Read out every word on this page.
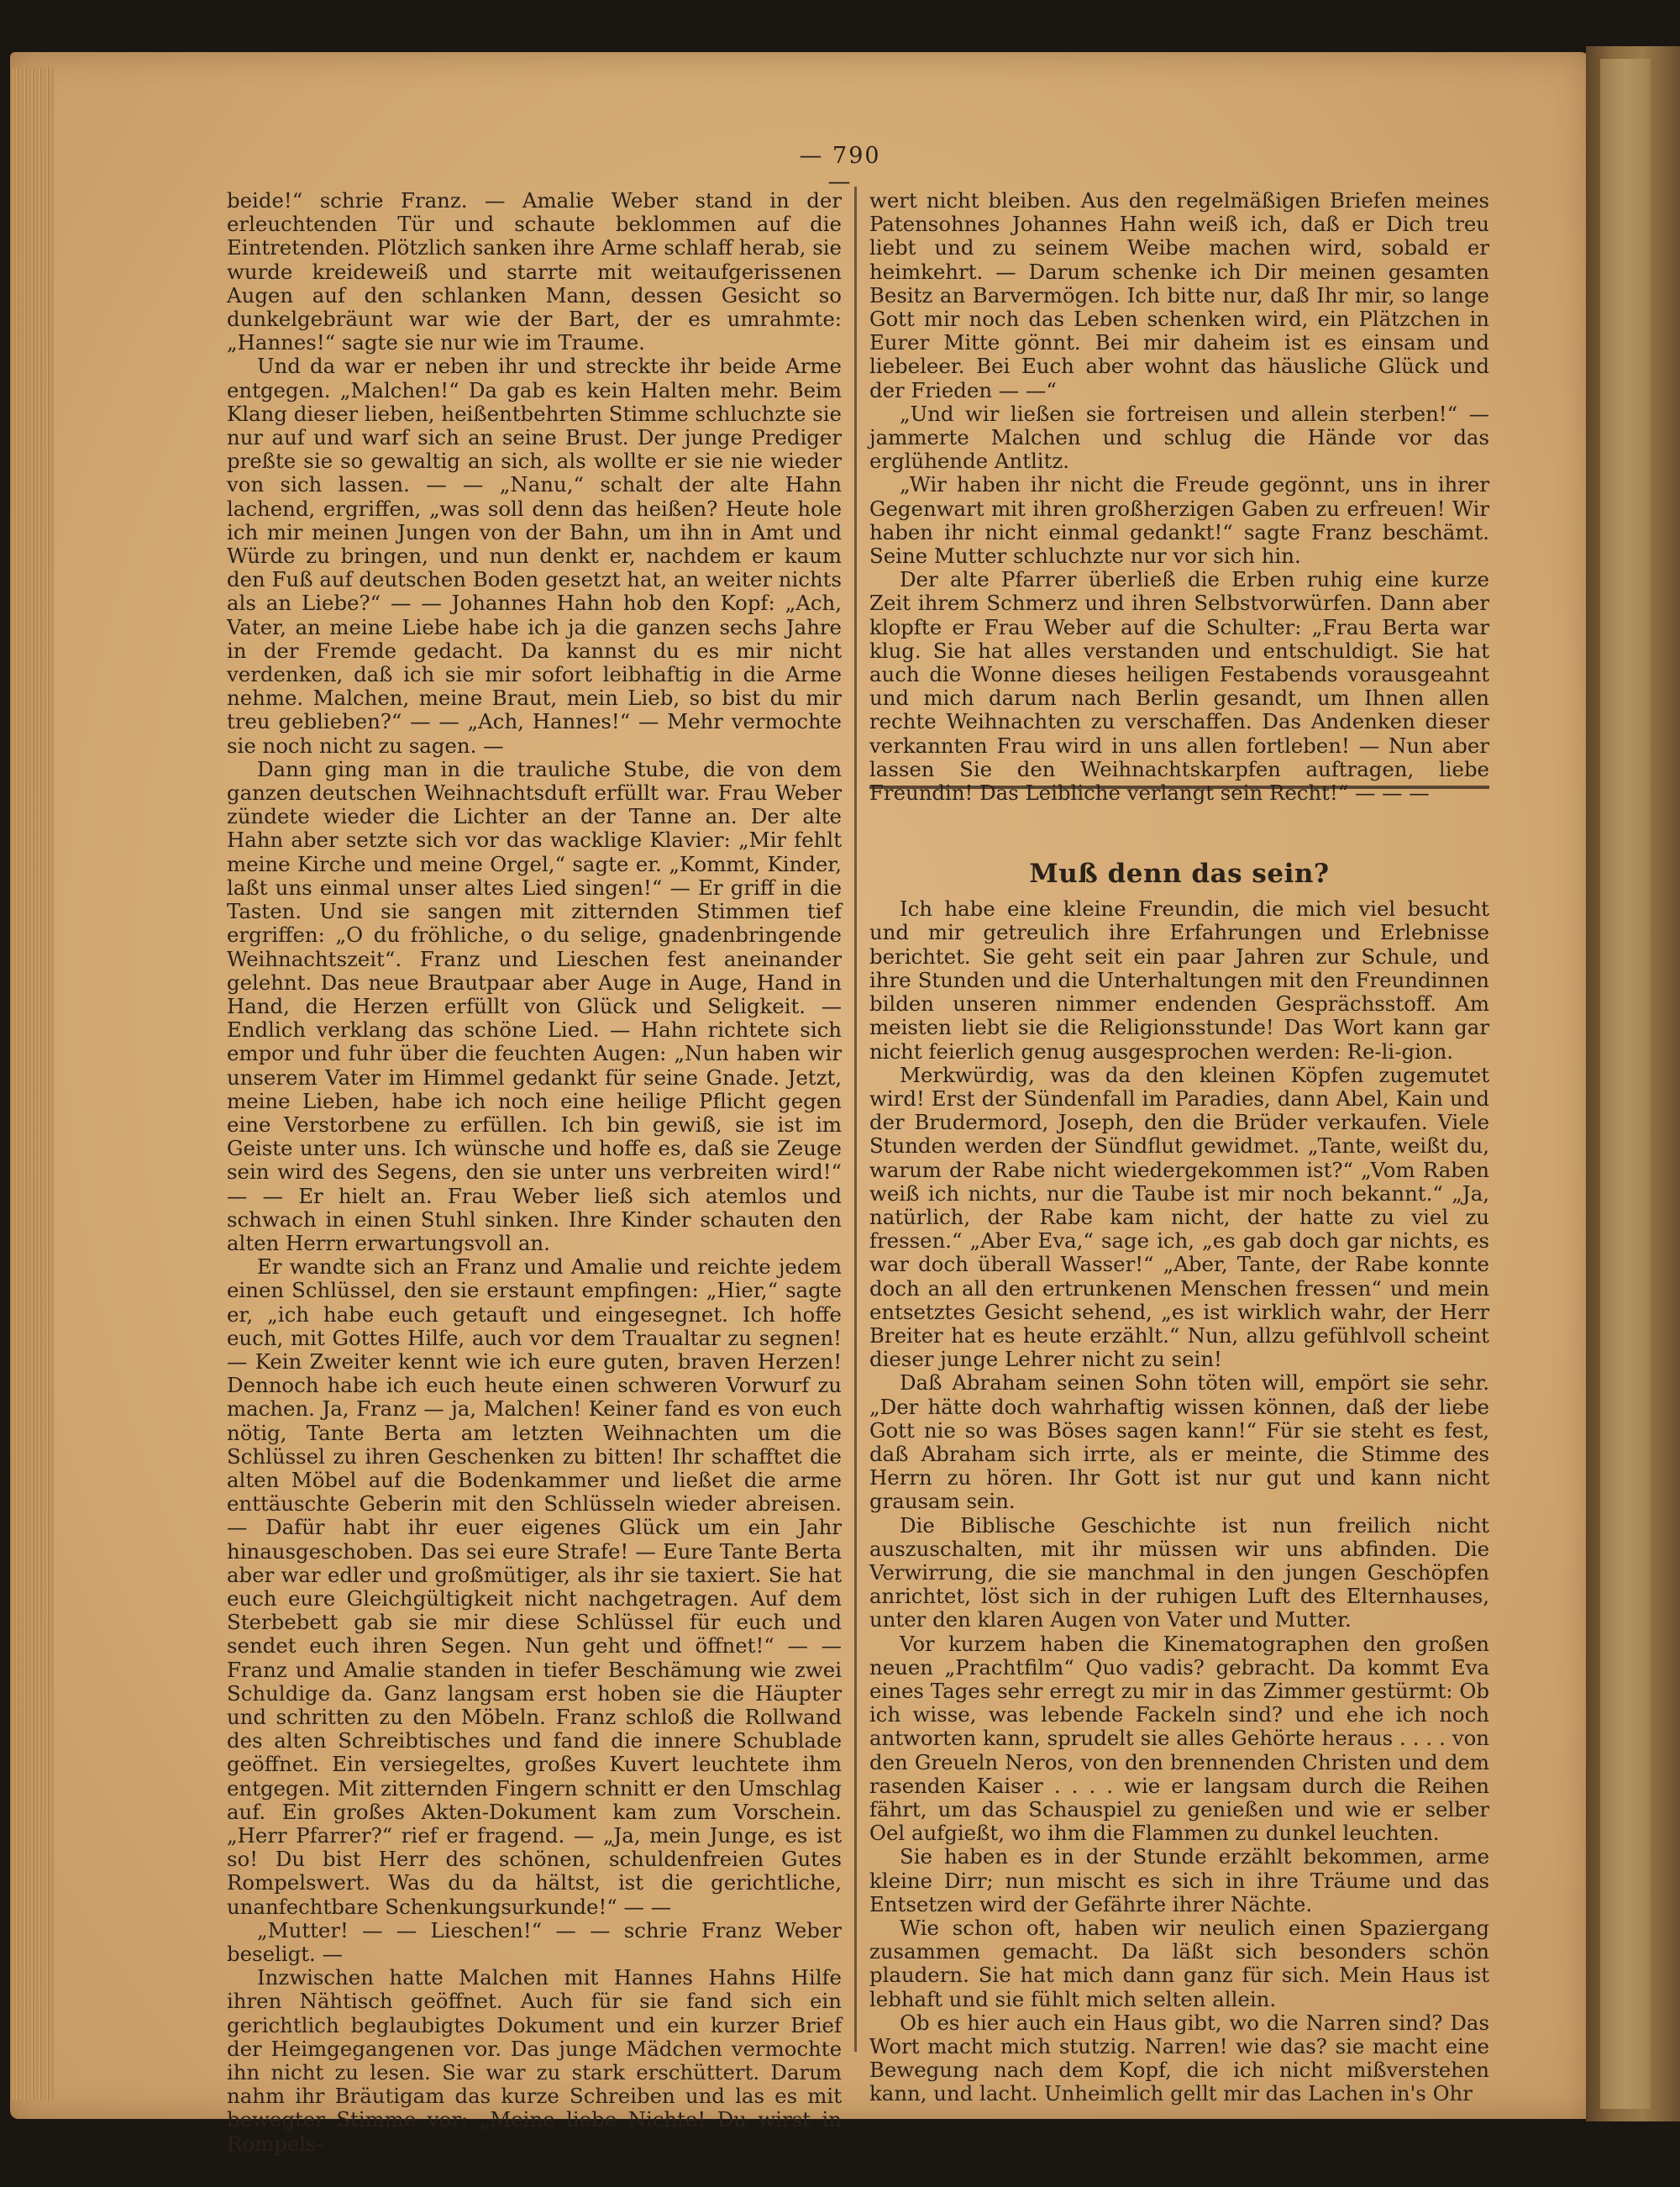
— 790 —

beide!“ schrie Franz. — Amalie Weber stand in der erleuchtenden Tür und schaute beklommen auf die Eintretenden. Plötzlich sanken ihre Arme schlaff herab, sie wurde kreideweiß und starrte mit weitaufgerissenen Augen auf den schlanken Mann, dessen Gesicht so dunkelgebräunt war wie der Bart, der es umrahmte: „Hannes!“ sagte sie nur wie im Traume.

Und da war er neben ihr und streckte ihr beide Arme entgegen. „Malchen!“ Da gab es kein Halten mehr. Beim Klang dieser lieben, heißentbehrten Stimme schluchzte sie nur auf und warf sich an seine Brust. Der junge Prediger preßte sie so gewaltig an sich, als wollte er sie nie wieder von sich lassen. — — „Nanu,“ schalt der alte Hahn lachend, ergriffen, „was soll denn das heißen? Heute hole ich mir meinen Jungen von der Bahn, um ihn in Amt und Würde zu bringen, und nun denkt er, nachdem er kaum den Fuß auf deutschen Boden gesetzt hat, an weiter nichts als an Liebe?“ — — Johannes Hahn hob den Kopf: „Ach, Vater, an meine Liebe habe ich ja die ganzen sechs Jahre in der Fremde gedacht. Da kannst du es mir nicht verdenken, daß ich sie mir sofort leibhaftig in die Arme nehme. Malchen, meine Braut, mein Lieb, so bist du mir treu geblieben?“ — — „Ach, Hannes!“ — Mehr vermochte sie noch nicht zu sagen. —

Dann ging man in die trauliche Stube, die von dem ganzen deutschen Weihnachtsduft erfüllt war. Frau Weber zündete wieder die Lichter an der Tanne an. Der alte Hahn aber setzte sich vor das wacklige Klavier: „Mir fehlt meine Kirche und meine Orgel,“ sagte er. „Kommt, Kinder, laßt uns einmal unser altes Lied singen!“ — Er griff in die Tasten. Und sie sangen mit zitternden Stimmen tief ergriffen: „O du fröhliche, o du selige, gnadenbringende Weihnachtszeit“. Franz und Lieschen fest aneinander gelehnt. Das neue Brautpaar aber Auge in Auge, Hand in Hand, die Herzen erfüllt von Glück und Seligkeit. — Endlich verklang das schöne Lied. — Hahn richtete sich empor und fuhr über die feuchten Augen: „Nun haben wir unserem Vater im Himmel gedankt für seine Gnade. Jetzt, meine Lieben, habe ich noch eine heilige Pflicht gegen eine Verstorbene zu erfüllen. Ich bin gewiß, sie ist im Geiste unter uns. Ich wünsche und hoffe es, daß sie Zeuge sein wird des Segens, den sie unter uns verbreiten wird!“ — — Er hielt an. Frau Weber ließ sich atemlos und schwach in einen Stuhl sinken. Ihre Kinder schauten den alten Herrn erwartungsvoll an.

Er wandte sich an Franz und Amalie und reichte jedem einen Schlüssel, den sie erstaunt empfingen: „Hier,“ sagte er, „ich habe euch getauft und eingesegnet. Ich hoffe euch, mit Gottes Hilfe, auch vor dem Traualtar zu segnen! — Kein Zweiter kennt wie ich eure guten, braven Herzen! Dennoch habe ich euch heute einen schweren Vorwurf zu machen. Ja, Franz — ja, Malchen! Keiner fand es von euch nötig, Tante Berta am letzten Weihnachten um die Schlüssel zu ihren Geschenken zu bitten! Ihr schafftet die alten Möbel auf die Bodenkammer und ließet die arme enttäuschte Geberin mit den Schlüsseln wieder abreisen. — Dafür habt ihr euer eigenes Glück um ein Jahr hinausgeschoben. Das sei eure Strafe! — Eure Tante Berta aber war edler und großmütiger, als ihr sie taxiert. Sie hat euch eure Gleichgültigkeit nicht nachgetragen. Auf dem Sterbebett gab sie mir diese Schlüssel für euch und sendet euch ihren Segen. Nun geht und öffnet!“ — — Franz und Amalie standen in tiefer Beschämung wie zwei Schuldige da. Ganz langsam erst hoben sie die Häupter und schritten zu den Möbeln. Franz schloß die Rollwand des alten Schreibtisches und fand die innere Schublade geöffnet. Ein versiegeltes, großes Kuvert leuchtete ihm entgegen. Mit zitternden Fingern schnitt er den Umschlag auf. Ein großes Akten-Dokument kam zum Vorschein. „Herr Pfarrer?“ rief er fragend. — „Ja, mein Junge, es ist so! Du bist Herr des schönen, schuldenfreien Gutes Rompelswert. Was du da hältst, ist die gerichtliche, unanfechtbare Schenkungsurkunde!“ — —

„Mutter! — — Lieschen!“ — — schrie Franz Weber beseligt. —

Inzwischen hatte Malchen mit Hannes Hahns Hilfe ihren Nähtisch geöffnet. Auch für sie fand sich ein gerichtlich beglaubigtes Dokument und ein kurzer Brief der Heimgegangenen vor. Das junge Mädchen vermochte ihn nicht zu lesen. Sie war zu stark erschüttert. Darum nahm ihr Bräutigam das kurze Schreiben und las es mit bewegter Stimme vor: „Meine liebe Nichte! Du wirst in Rompels-

wert nicht bleiben. Aus den regelmäßigen Briefen meines Patensohnes Johannes Hahn weiß ich, daß er Dich treu liebt und zu seinem Weibe machen wird, sobald er heimkehrt. — Darum schenke ich Dir meinen gesamten Besitz an Barvermögen. Ich bitte nur, daß Ihr mir, so lange Gott mir noch das Leben schenken wird, ein Plätzchen in Eurer Mitte gönnt. Bei mir daheim ist es einsam und liebeleer. Bei Euch aber wohnt das häusliche Glück und der Frieden — —“

„Und wir ließen sie fortreisen und allein sterben!“ — jammerte Malchen und schlug die Hände vor das erglühende Antlitz.

„Wir haben ihr nicht die Freude gegönnt, uns in ihrer Gegenwart mit ihren großherzigen Gaben zu erfreuen! Wir haben ihr nicht einmal gedankt!“ sagte Franz beschämt. Seine Mutter schluchzte nur vor sich hin.

Der alte Pfarrer überließ die Erben ruhig eine kurze Zeit ihrem Schmerz und ihren Selbstvorwürfen. Dann aber klopfte er Frau Weber auf die Schulter: „Frau Berta war klug. Sie hat alles verstanden und entschuldigt. Sie hat auch die Wonne dieses heiligen Festabends vorausgeahnt und mich darum nach Berlin gesandt, um Ihnen allen rechte Weihnachten zu verschaffen. Das Andenken dieser verkannten Frau wird in uns allen fortleben! — Nun aber lassen Sie den Weihnachtskarpfen auftragen, liebe Freundin! Das Leibliche verlangt sein Recht!“ — — —

Muß denn das sein?

Ich habe eine kleine Freundin, die mich viel besucht und mir getreulich ihre Erfahrungen und Erlebnisse berichtet. Sie geht seit ein paar Jahren zur Schule, und ihre Stunden und die Unterhaltungen mit den Freundinnen bilden unseren nimmer endenden Gesprächsstoff. Am meisten liebt sie die Religionsstunde! Das Wort kann gar nicht feierlich genug ausgesprochen werden: Re-li-gion.

Merkwürdig, was da den kleinen Köpfen zugemutet wird! Erst der Sündenfall im Paradies, dann Abel, Kain und der Brudermord, Joseph, den die Brüder verkaufen. Viele Stunden werden der Sündflut gewidmet. „Tante, weißt du, warum der Rabe nicht wiedergekommen ist?“ „Vom Raben weiß ich nichts, nur die Taube ist mir noch bekannt.“ „Ja, natürlich, der Rabe kam nicht, der hatte zu viel zu fressen.“ „Aber Eva,“ sage ich, „es gab doch gar nichts, es war doch überall Wasser!“ „Aber, Tante, der Rabe konnte doch an all den ertrunkenen Menschen fressen“ und mein entsetztes Gesicht sehend, „es ist wirklich wahr, der Herr Breiter hat es heute erzählt.“ Nun, allzu gefühlvoll scheint dieser junge Lehrer nicht zu sein!

Daß Abraham seinen Sohn töten will, empört sie sehr. „Der hätte doch wahrhaftig wissen können, daß der liebe Gott nie so was Böses sagen kann!“ Für sie steht es fest, daß Abraham sich irrte, als er meinte, die Stimme des Herrn zu hören. Ihr Gott ist nur gut und kann nicht grausam sein.

Die Biblische Geschichte ist nun freilich nicht auszuschalten, mit ihr müssen wir uns abfinden. Die Verwirrung, die sie manchmal in den jungen Geschöpfen anrichtet, löst sich in der ruhigen Luft des Elternhauses, unter den klaren Augen von Vater und Mutter.

Vor kurzem haben die Kinematographen den großen neuen „Prachtfilm“ Quo vadis? gebracht. Da kommt Eva eines Tages sehr erregt zu mir in das Zimmer gestürmt: Ob ich wisse, was lebende Fackeln sind? und ehe ich noch antworten kann, sprudelt sie alles Gehörte heraus . . . . von den Greueln Neros, von den brennenden Christen und dem rasenden Kaiser . . . . wie er langsam durch die Reihen fährt, um das Schauspiel zu genießen und wie er selber Oel aufgießt, wo ihm die Flammen zu dunkel leuchten.

Sie haben es in der Stunde erzählt bekommen, arme kleine Dirr; nun mischt es sich in ihre Träume und das Entsetzen wird der Gefährte ihrer Nächte.

Wie schon oft, haben wir neulich einen Spaziergang zusammen gemacht. Da läßt sich besonders schön plaudern. Sie hat mich dann ganz für sich. Mein Haus ist lebhaft und sie fühlt mich selten allein.

Ob es hier auch ein Haus gibt, wo die Narren sind? Das Wort macht mich stutzig. Narren! wie das? sie macht eine Bewegung nach dem Kopf, die ich nicht mißverstehen kann, und lacht. Unheimlich gellt mir das Lachen in's Ohr
